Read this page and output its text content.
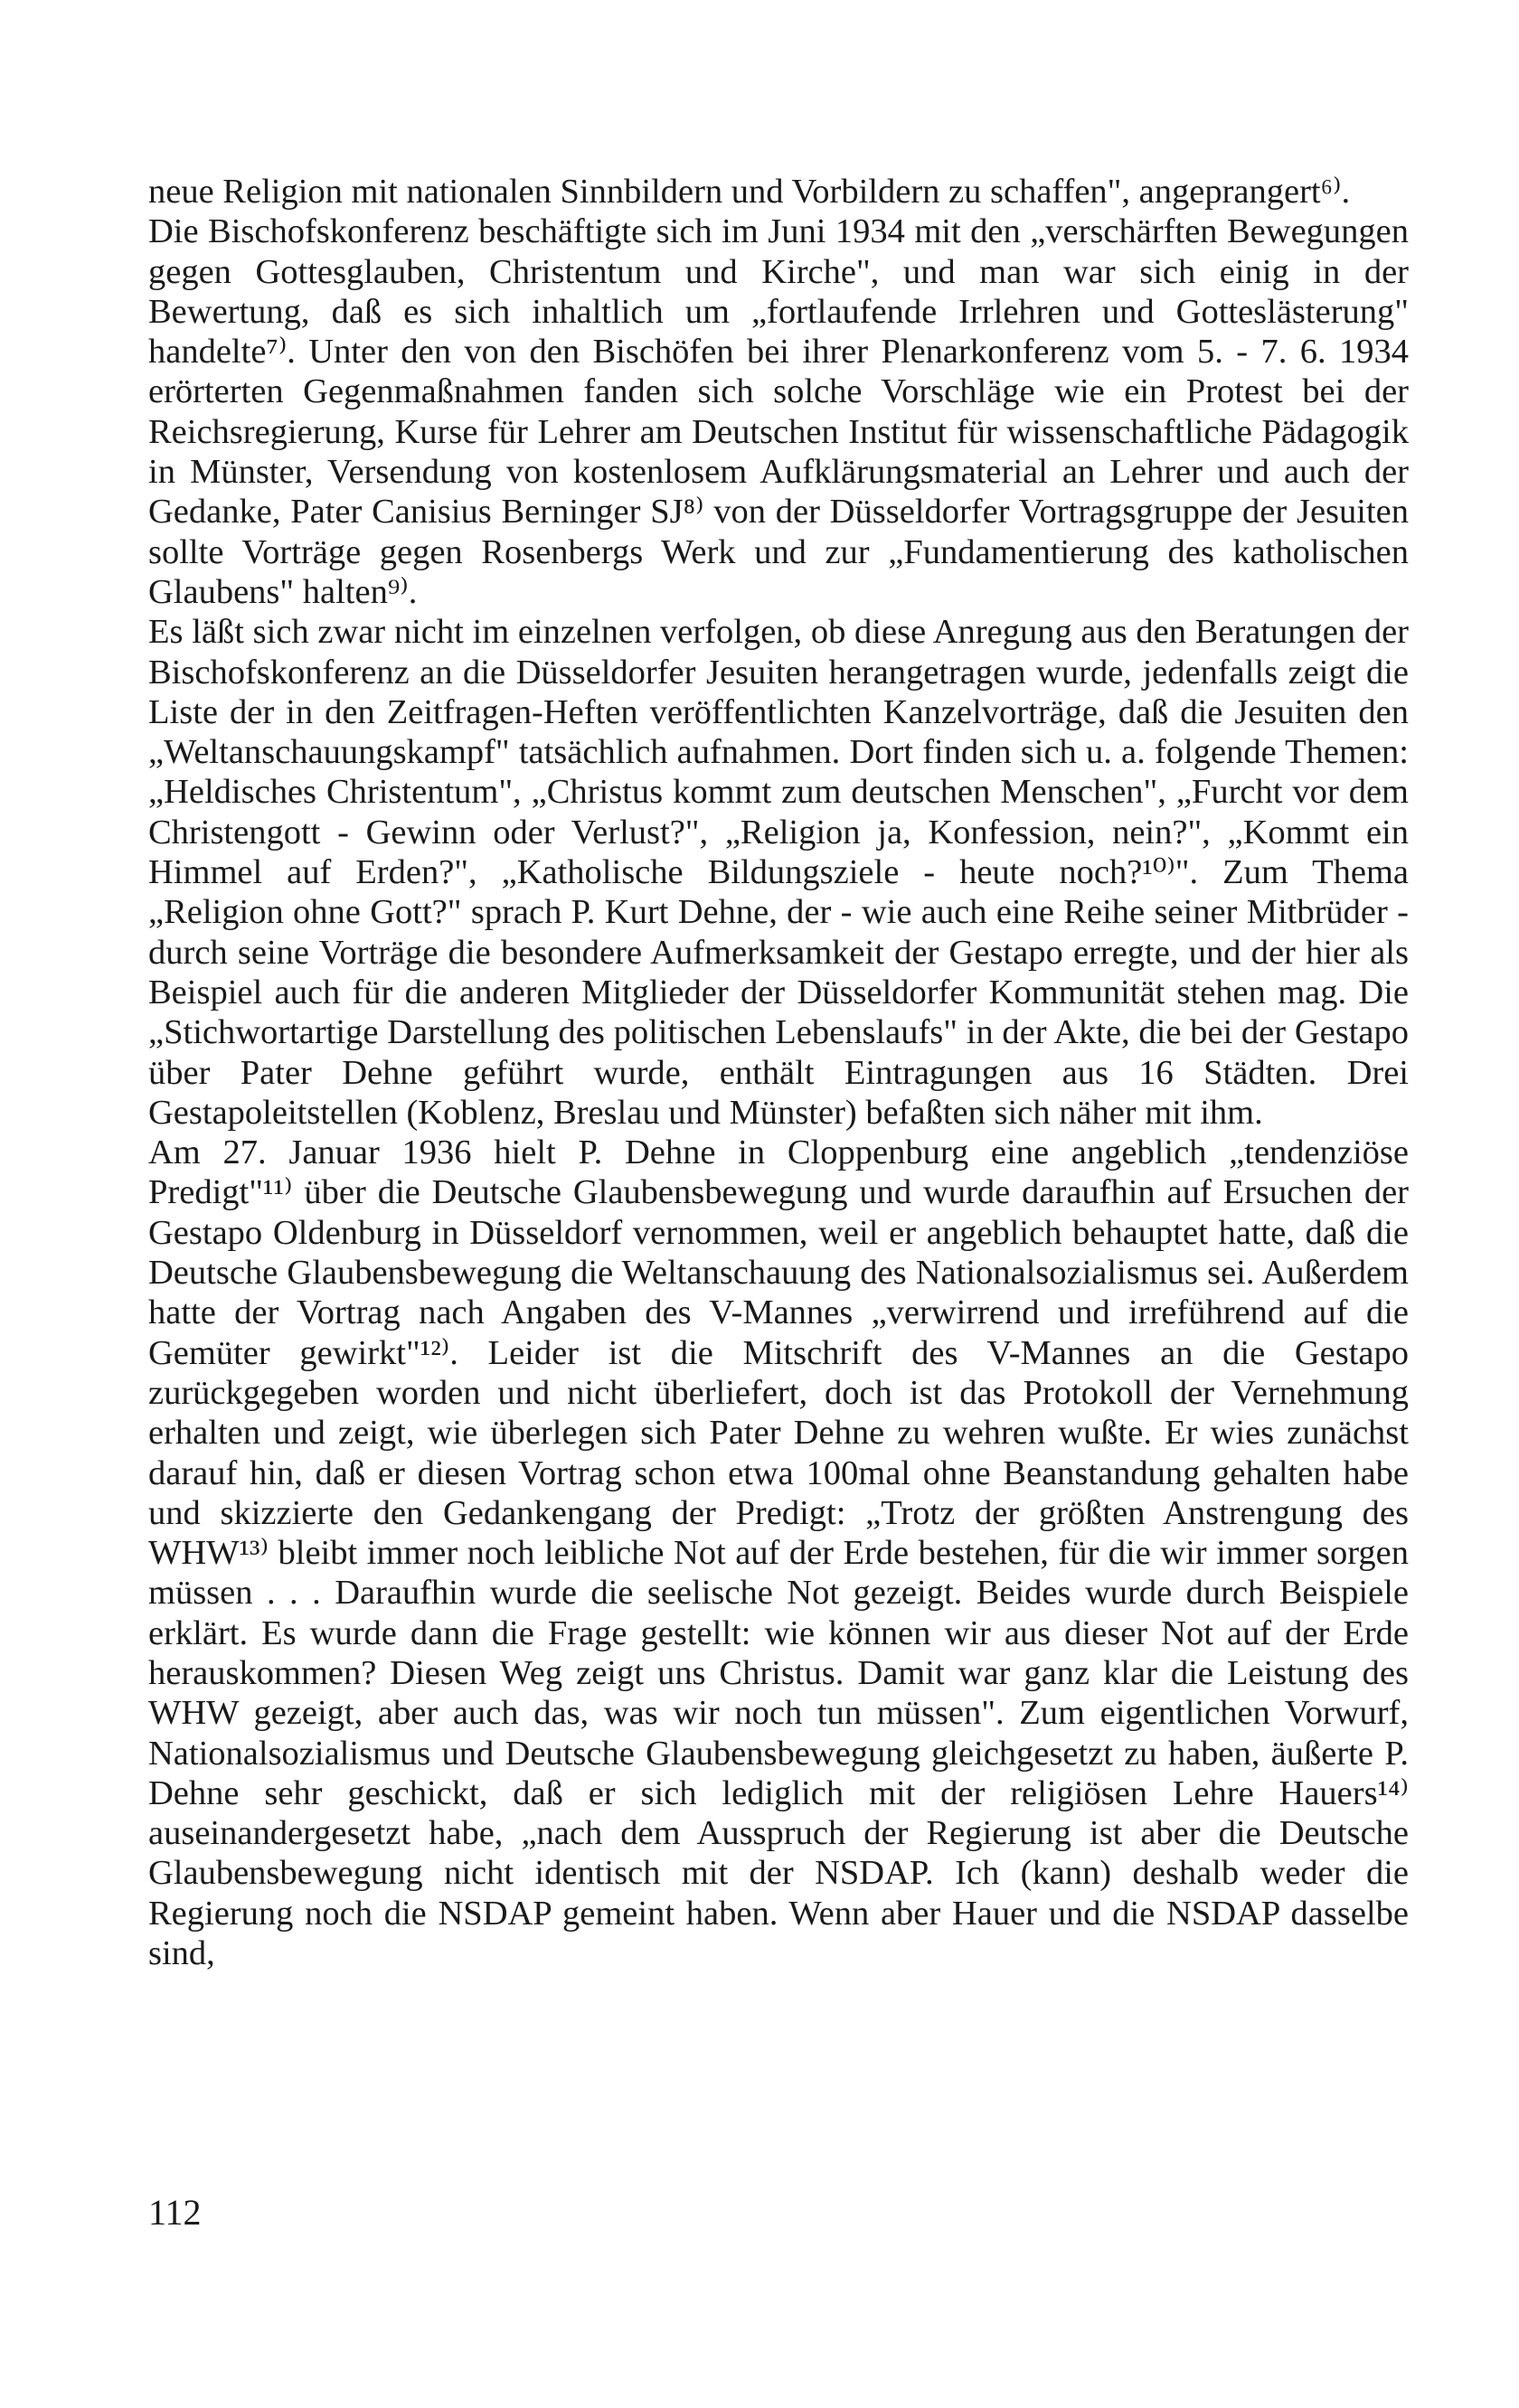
neue Religion mit nationalen Sinnbildern und Vorbildern zu schaffen", angeprangert⁶⁾.

Die Bischofskonferenz beschäftigte sich im Juni 1934 mit den „verschärften Bewegungen gegen Gottesglauben, Christentum und Kirche", und man war sich einig in der Bewertung, daß es sich inhaltlich um „fortlaufende Irrlehren und Gotteslästerung" handelte⁷⁾. Unter den von den Bischöfen bei ihrer Plenarkonferenz vom 5. - 7. 6. 1934 erörterten Gegenmaßnahmen fanden sich solche Vorschläge wie ein Protest bei der Reichsregierung, Kurse für Lehrer am Deutschen Institut für wissenschaftliche Pädagogik in Münster, Versendung von kostenlosem Aufklärungsmaterial an Lehrer und auch der Gedanke, Pater Canisius Berninger SJ⁸⁾ von der Düsseldorfer Vortragsgruppe der Jesuiten sollte Vorträge gegen Rosenbergs Werk und zur „Fundamentierung des katholischen Glaubens" halten⁹⁾.

Es läßt sich zwar nicht im einzelnen verfolgen, ob diese Anregung aus den Beratungen der Bischofskonferenz an die Düsseldorfer Jesuiten herangetragen wurde, jedenfalls zeigt die Liste der in den Zeitfragen-Heften veröffentlichten Kanzelvorträge, daß die Jesuiten den „Weltanschauungskampf" tatsächlich aufnahmen. Dort finden sich u. a. folgende Themen: „Heldisches Christentum", „Christus kommt zum deutschen Menschen", „Furcht vor dem Christengott - Gewinn oder Verlust?", „Religion ja, Konfession, nein?", „Kommt ein Himmel auf Erden?", „Katholische Bildungsziele - heute noch?¹⁰⁾". Zum Thema „Religion ohne Gott?" sprach P. Kurt Dehne, der - wie auch eine Reihe seiner Mitbrüder - durch seine Vorträge die besondere Aufmerksamkeit der Gestapo erregte, und der hier als Beispiel auch für die anderen Mitglieder der Düsseldorfer Kommunität stehen mag. Die „Stichwortartige Darstellung des politischen Lebenslaufs" in der Akte, die bei der Gestapo über Pater Dehne geführt wurde, enthält Eintragungen aus 16 Städten. Drei Gestapoleitstellen (Koblenz, Breslau und Münster) befaßten sich näher mit ihm.

Am 27. Januar 1936 hielt P. Dehne in Cloppenburg eine angeblich „tendenziöse Predigt"¹¹⁾ über die Deutsche Glaubensbewegung und wurde daraufhin auf Ersuchen der Gestapo Oldenburg in Düsseldorf vernommen, weil er angeblich behauptet hatte, daß die Deutsche Glaubensbewegung die Weltanschauung des Nationalsozialismus sei. Außerdem hatte der Vortrag nach Angaben des V-Mannes „verwirrend und irreführend auf die Gemüter gewirkt"¹²⁾. Leider ist die Mitschrift des V-Mannes an die Gestapo zurückgegeben worden und nicht überliefert, doch ist das Protokoll der Vernehmung erhalten und zeigt, wie überlegen sich Pater Dehne zu wehren wußte. Er wies zunächst darauf hin, daß er diesen Vortrag schon etwa 100mal ohne Beanstandung gehalten habe und skizzierte den Gedankengang der Predigt: „Trotz der größten Anstrengung des WHW¹³⁾ bleibt immer noch leibliche Not auf der Erde bestehen, für die wir immer sorgen müssen . . . Daraufhin wurde die seelische Not gezeigt. Beides wurde durch Beispiele erklärt. Es wurde dann die Frage gestellt: wie können wir aus dieser Not auf der Erde herauskommen? Diesen Weg zeigt uns Christus. Damit war ganz klar die Leistung des WHW gezeigt, aber auch das, was wir noch tun müssen". Zum eigentlichen Vorwurf, Nationalsozialismus und Deutsche Glaubensbewegung gleichgesetzt zu haben, äußerte P. Dehne sehr geschickt, daß er sich lediglich mit der religiösen Lehre Hauers¹⁴⁾ auseinandergesetzt habe, „nach dem Ausspruch der Regierung ist aber die Deutsche Glaubensbewegung nicht identisch mit der NSDAP. Ich (kann) deshalb weder die Regierung noch die NSDAP gemeint haben. Wenn aber Hauer und die NSDAP dasselbe sind,

112
